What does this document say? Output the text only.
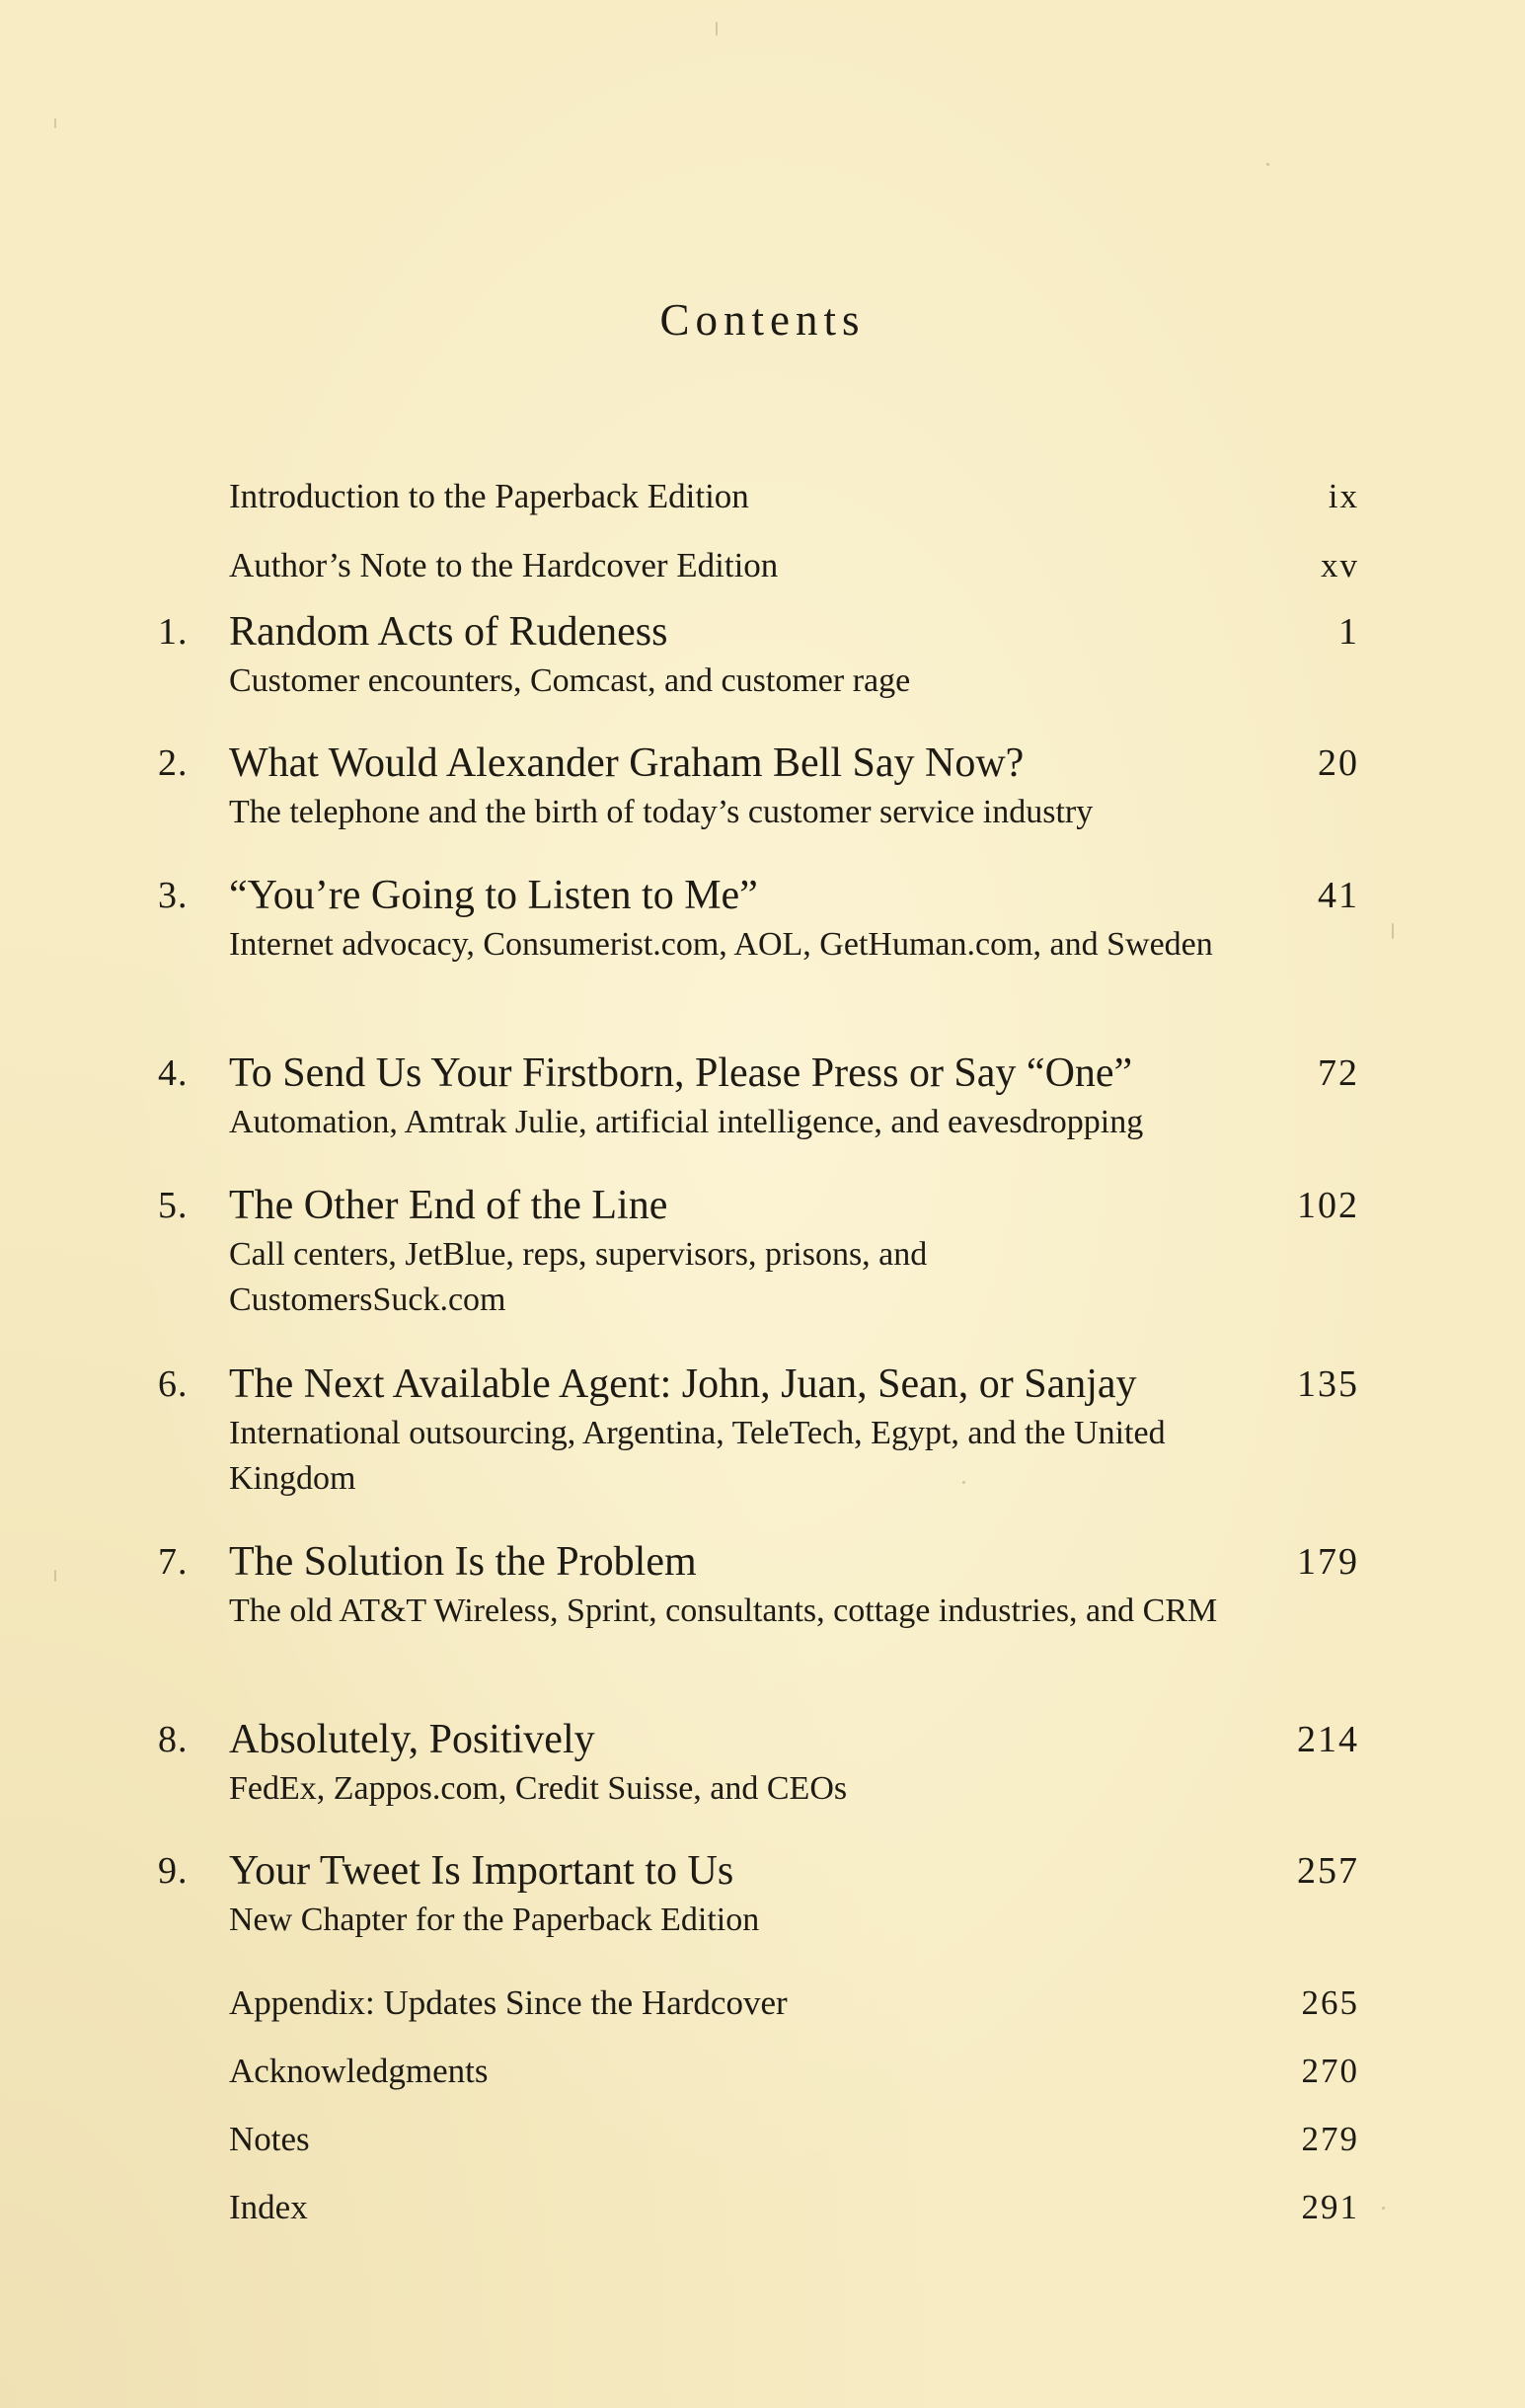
Contents
Introduction to the Paperback Edition	ix
Author’s Note to the Hardcover Edition	xv
1. Random Acts of Rudeness	1
Customer encounters, Comcast, and customer rage
2. What Would Alexander Graham Bell Say Now?	20
The telephone and the birth of today’s customer service industry
3. “You’re Going to Listen to Me”	41
Internet advocacy, Consumerist.com, AOL, GetHuman.com, and Sweden
4. To Send Us Your Firstborn, Please Press or Say “One”	72
Automation, Amtrak Julie, artificial intelligence, and eavesdropping
5. The Other End of the Line	102
Call centers, JetBlue, reps, supervisors, prisons, and CustomersSuck.com
6. The Next Available Agent: John, Juan, Sean, or Sanjay	135
International outsourcing, Argentina, TeleTech, Egypt, and the United Kingdom
7. The Solution Is the Problem	179
The old AT&T Wireless, Sprint, consultants, cottage industries, and CRM
8. Absolutely, Positively	214
FedEx, Zappos.com, Credit Suisse, and CEOs
9. Your Tweet Is Important to Us	257
New Chapter for the Paperback Edition
Appendix: Updates Since the Hardcover	265
Acknowledgments	270
Notes	279
Index	291
